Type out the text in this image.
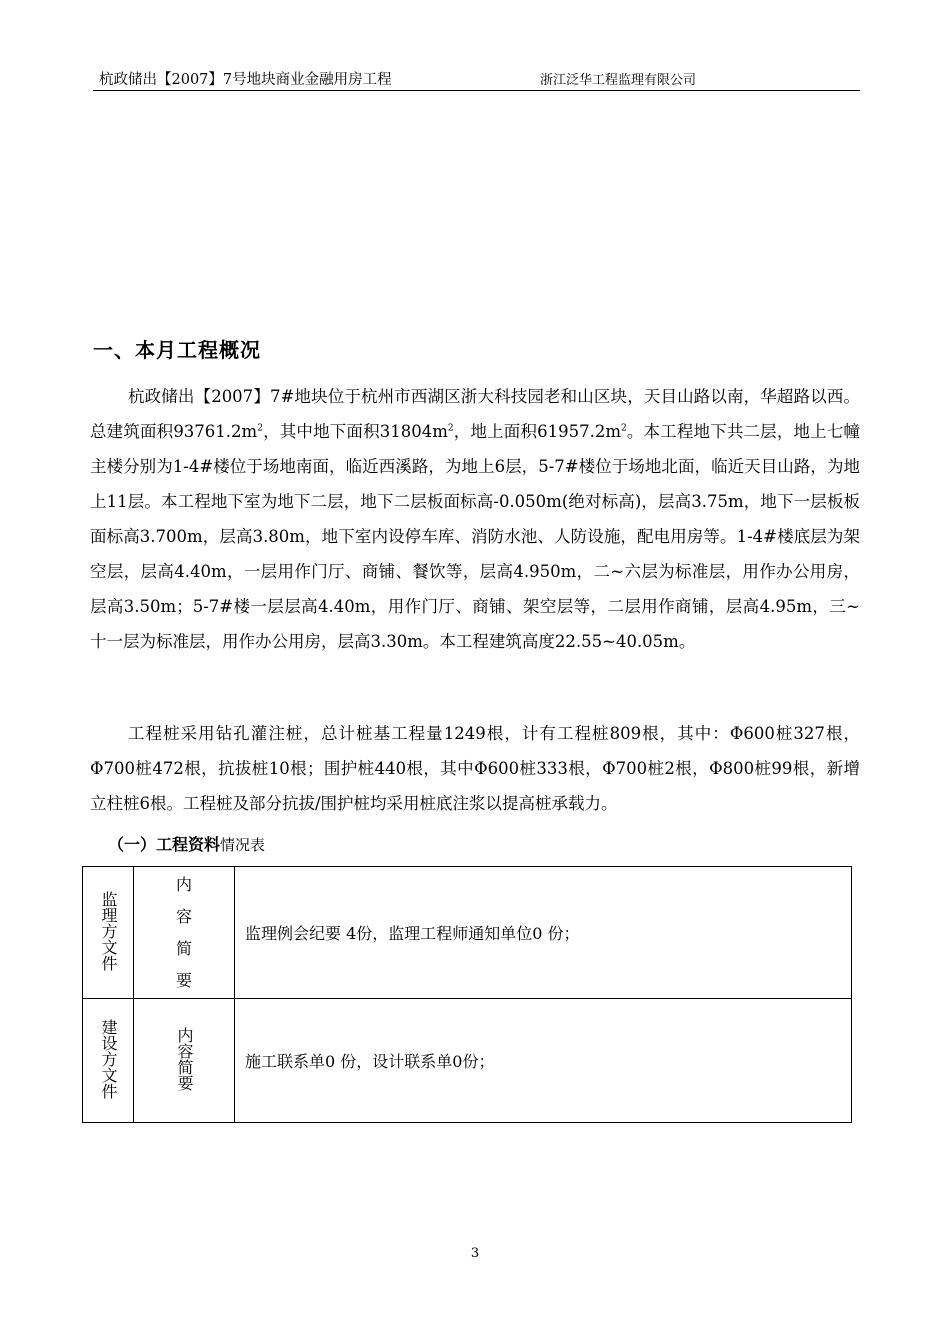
杭政储出【2007】7号地块商业金融用房工程	浙江泛华工程监理有限公司
一、本月工程概况
杭政储出【2007】7#地块位于杭州市西湖区浙大科技园老和山区块，天目山路以南，华超路以西。总建筑面积$93761.2m^2$，其中地下面积$31804m^2$，地上面积$61957.2m^2$。本工程地下共二层，地上七幢主楼分别为1-4#楼位于场地南面，临近西溪路，为地上6层，5-7#楼位于场地北面，临近天目山路，为地上11层。本工程地下室为地下二层，地下二层板面标高-0.050m(绝对标高)，层高3.75m，地下一层板板面标高3.700m，层高3.80m，地下室内设停车库、消防水池、人防设施，配电用房等。1-4#楼底层为架空层，层高4.40m，一层用作门厅、商铺、餐饮等，层高4.950m，二~六层为标准层，用作办公用房，层高3.50m；5-7#楼一层层高4.40m，用作门厅、商铺、架空层等，二层用作商铺，层高4.95m，三~十一层为标准层，用作办公用房，层高3.30m。本工程建筑高度22.55~40.05m。
工程桩采用钻孔灌注桩，总计桩基工程量1249根，计有工程桩809根，其中：Φ600桩327根，Φ700桩472根，抗拔桩10根；围护桩440根，其中Φ600桩333根，Φ700桩2根，Φ800桩99根，新增立柱桩6根。工程桩及部分抗拔/围护桩均采用桩底注浆以提高桩承载力。
（一）工程资料情况表
监理方文件	内容简要	监理例会纪要 4份，监理工程师通知单位0 份；
建设方文件	内容简要	施工联系单0 份，设计联系单0份；
3
